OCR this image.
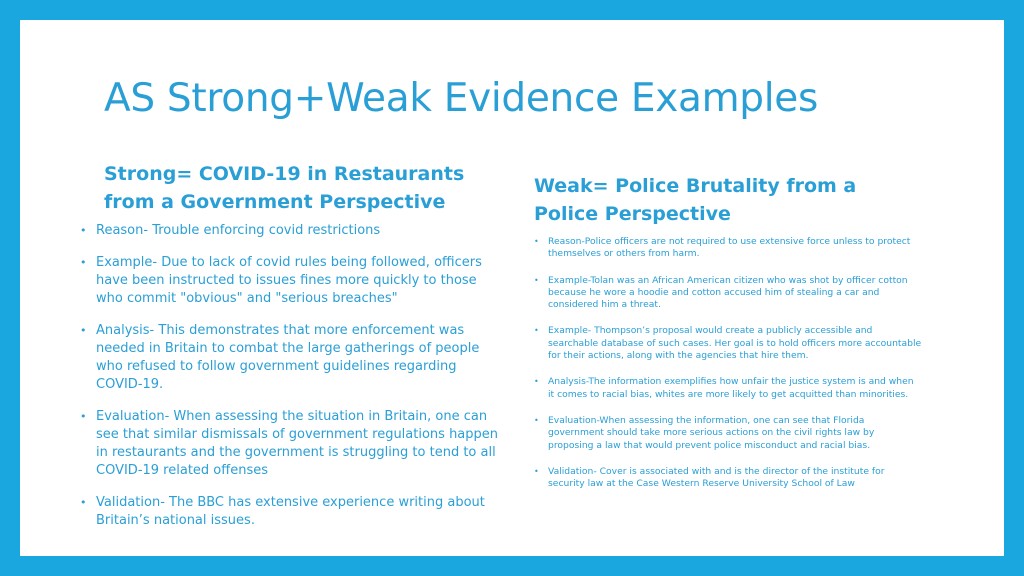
AS Strong+Weak Evidence Examples
Strong= COVID-19 in Restaurants from a Government Perspective
• Reason- Trouble enforcing covid restrictions
• Example- Due to lack of covid rules being followed, officers have been instructed to issues fines more quickly to those who commit "obvious" and "serious breaches"
• Analysis- This demonstrates that more enforcement was needed in Britain to combat the large gatherings of people who refused to follow government guidelines regarding COVID-19.
• Evaluation- When assessing the situation in Britain, one can see that similar dismissals of government regulations happen in restaurants and the government is struggling to tend to all COVID-19 related offenses
• Validation- The BBC has extensive experience writing about Britain’s national issues.
Weak= Police Brutality from a Police Perspective
• Reason-Police officers are not required to use extensive force unless to protect themselves or others from harm.
• Example-Tolan was an African American citizen who was shot by officer cotton because he wore a hoodie and cotton accused him of stealing a car and considered him a threat.
• Example- Thompson’s proposal would create a publicly accessible and searchable database of such cases. Her goal is to hold officers more accountable for their actions, along with the agencies that hire them.
• Analysis-The information exemplifies how unfair the justice system is and when it comes to racial bias, whites are more likely to get acquitted than minorities.
• Evaluation-When assessing the information, one can see that Florida government should take more serious actions on the civil rights law by proposing a law that would prevent police misconduct and racial bias.
• Validation- Cover is associated with and is the director of the institute for security law at the Case Western Reserve University School of Law
